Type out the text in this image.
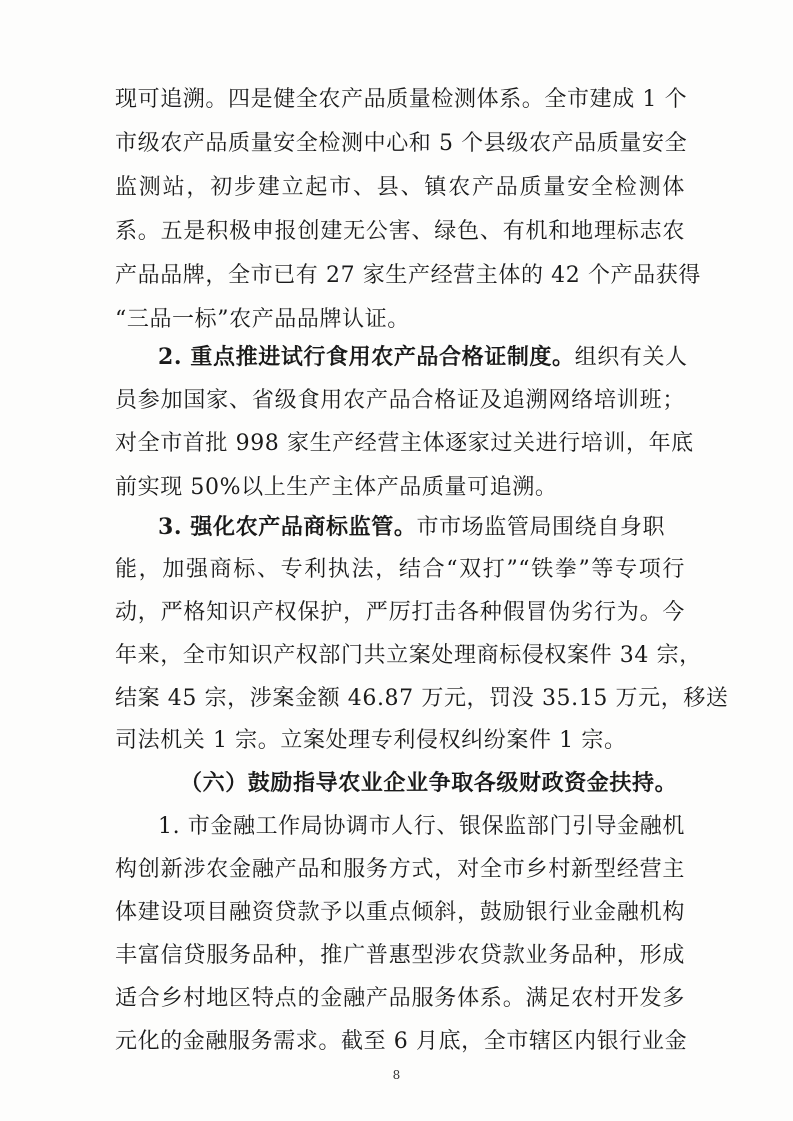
现可追溯。四是健全农产品质量检测体系。全市建成 1 个
市级农产品质量安全检测中心和 5 个县级农产品质量安全
监测站，初步建立起市、县、镇农产品质量安全检测体
系。五是积极申报创建无公害、绿色、有机和地理标志农
产品品牌，全市已有 27 家生产经营主体的 42 个产品获得
“三品一标”农产品品牌认证。
2. 重点推进试行食用农产品合格证制度。组织有关人
员参加国家、省级食用农产品合格证及追溯网络培训班；
对全市首批 998 家生产经营主体逐家过关进行培训，年底
前实现 50%以上生产主体产品质量可追溯。
3. 强化农产品商标监管。市市场监管局围绕自身职
能，加强商标、专利执法，结合“双打”“铁拳”等专项行
动，严格知识产权保护，严厉打击各种假冒伪劣行为。今
年来，全市知识产权部门共立案处理商标侵权案件 34 宗，
结案 45 宗，涉案金额 46.87 万元，罚没 35.15 万元，移送
司法机关 1 宗。立案处理专利侵权纠纷案件 1 宗。
（六）鼓励指导农业企业争取各级财政资金扶持。
1. 市金融工作局协调市人行、银保监部门引导金融机
构创新涉农金融产品和服务方式，对全市乡村新型经营主
体建设项目融资贷款予以重点倾斜，鼓励银行业金融机构
丰富信贷服务品种，推广普惠型涉农贷款业务品种，形成
适合乡村地区特点的金融产品服务体系。满足农村开发多
元化的金融服务需求。截至 6 月底，全市辖区内银行业金
8
